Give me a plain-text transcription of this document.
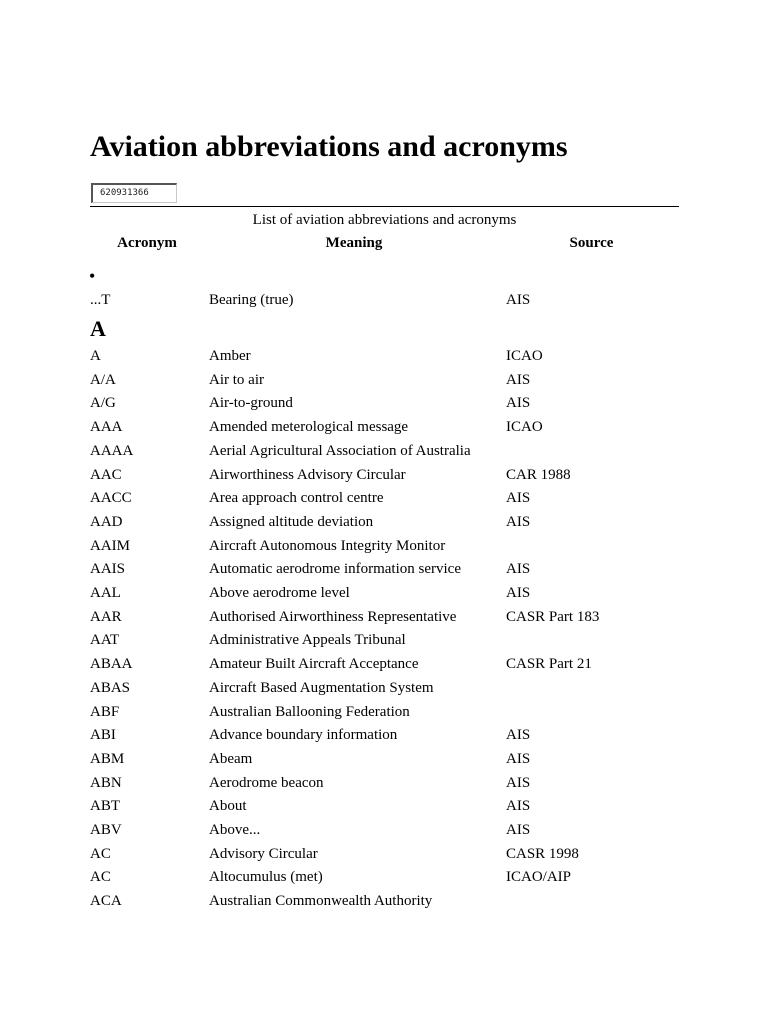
Aviation abbreviations and acronyms
620931366
List of aviation abbreviations and acronyms
Acronym	Meaning	Source
•
...T	Bearing (true)	AIS
A
A	Amber	ICAO
A/A	Air to air	AIS
A/G	Air-to-ground	AIS
AAA	Amended meterological message	ICAO
AAAA	Aerial Agricultural Association of Australia
AAC	Airworthiness Advisory Circular	CAR 1988
AACC	Area approach control centre	AIS
AAD	Assigned altitude deviation	AIS
AAIM	Aircraft Autonomous Integrity Monitor
AAIS	Automatic aerodrome information service	AIS
AAL	Above aerodrome level	AIS
AAR	Authorised Airworthiness Representative	CASR Part 183
AAT	Administrative Appeals Tribunal
ABAA	Amateur Built Aircraft Acceptance	CASR Part 21
ABAS	Aircraft Based Augmentation System
ABF	Australian Ballooning Federation
ABI	Advance boundary information	AIS
ABM	Abeam	AIS
ABN	Aerodrome beacon	AIS
ABT	About	AIS
ABV	Above...	AIS
AC	Advisory Circular	CASR 1998
AC	Altocumulus (met)	ICAO/AIP
ACA	Australian Commonwealth Authority
